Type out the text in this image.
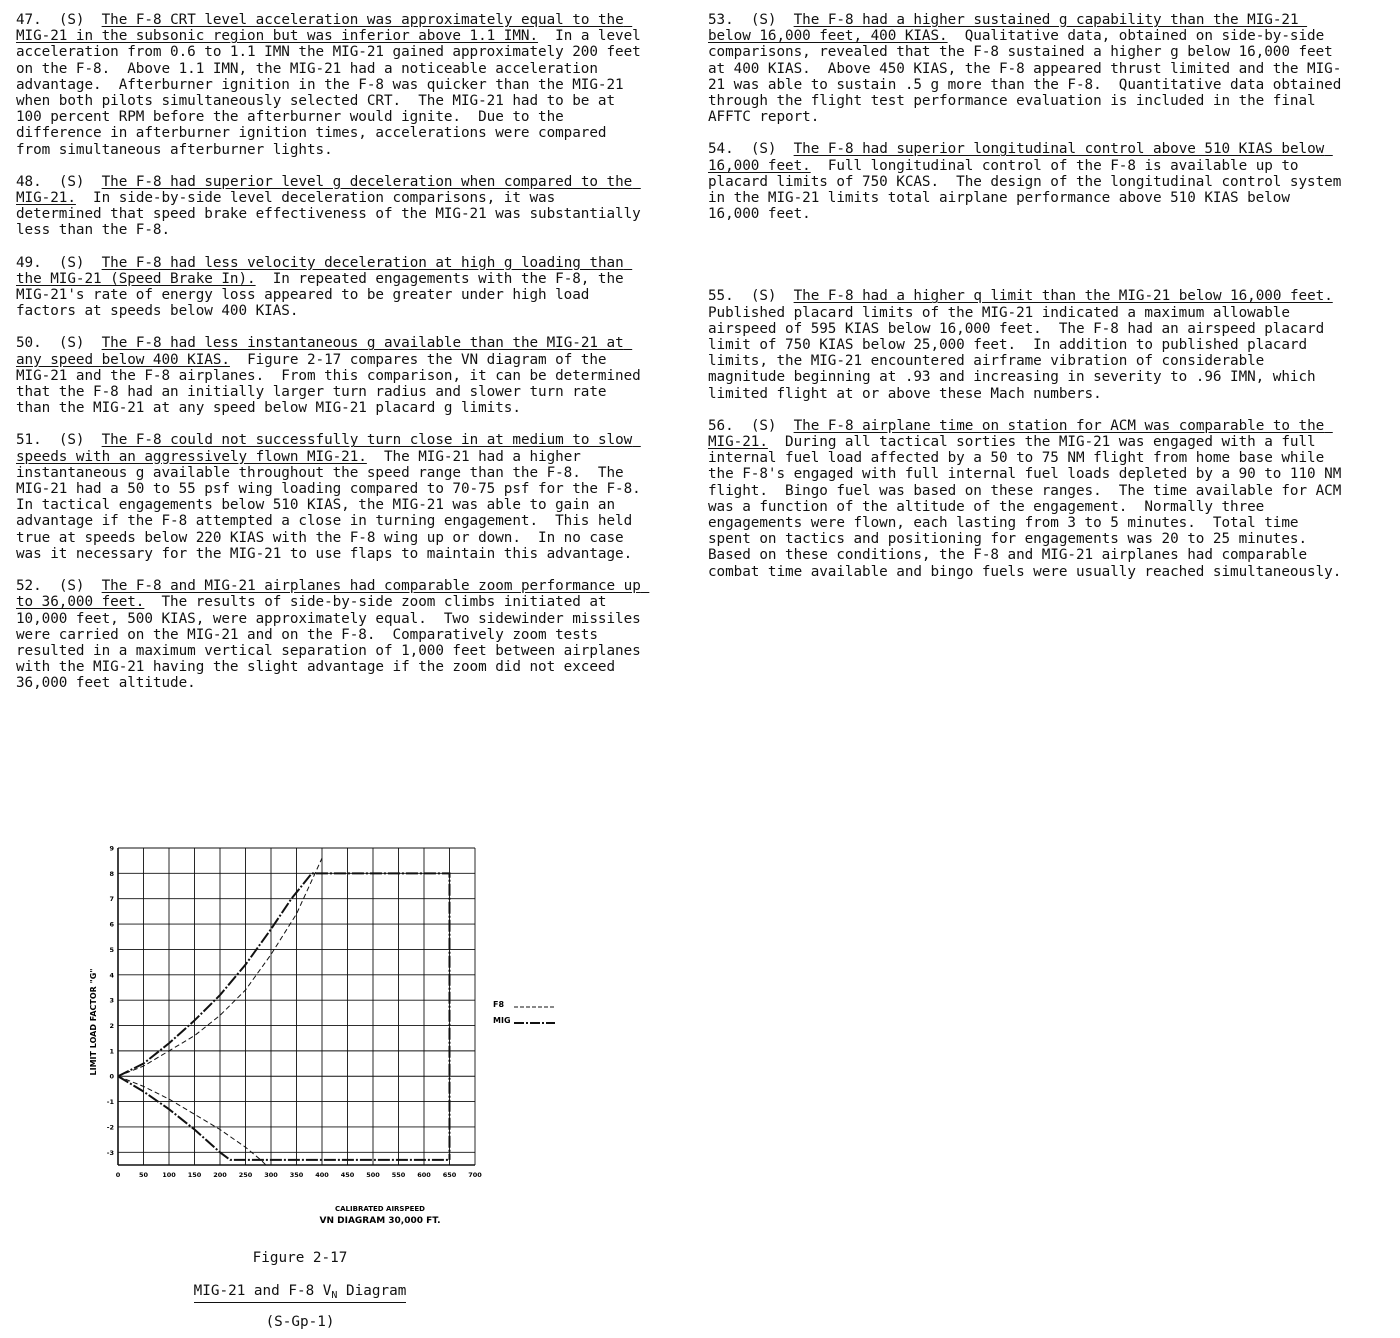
47. (S) The F-8 CRT level acceleration was approximately equal to the MIG-21 in the subsonic region but was inferior above 1.1 IMN. In a level acceleration from 0.6 to 1.1 IMN the MIG-21 gained approximately 200 feet on the F-8.  Above 1.1 IMN, the MIG-21 had a noticeable acceleration advantage.  Afterburner ignition in the F-8 was quicker than the MIG-21 when both pilots simultaneously selected CRT.  The MIG-21 had to be at 100 percent RPM before the afterburner would ignite.  Due to the difference in afterburner ignition times, accelerations were compared from simultaneous afterburner lights.

48. (S) The F-8 had superior level g deceleration when compared to the MIG-21. In side-by-side level deceleration comparisons, it was determined that speed brake effectiveness of the MIG-21 was substantially less than the F-8.

49. (S) The F-8 had less velocity deceleration at high g loading than the MIG-21 (Speed Brake In). In repeated engagements with the F-8, the MIG-21's rate of energy loss appeared to be greater under high load factors at speeds below 400 KIAS.

50. (S) The F-8 had less instantaneous g available than the MIG-21 at any speed below 400 KIAS. Figure 2-17 compares the VN diagram of the MIG-21 and the F-8 airplanes.  From this comparison, it can be determined that the F-8 had an initially larger turn radius and slower turn rate than the MIG-21 at any speed below MIG-21 placard g limits.

51. (S) The F-8 could not successfully turn close in at medium to slow speeds with an aggressively flown MIG-21. The MIG-21 had a higher instantaneous g available throughout the speed range than the F-8.  The MIG-21 had a 50 to 55 psf wing loading compared to 70-75 psf for the F-8.  In tactical engagements below 510 KIAS, the MIG-21 was able to gain an advantage if the F-8 attempted a close in turning engagement.  This held true at speeds below 220 KIAS with the F-8 wing up or down.  In no case was it necessary for the MIG-21 to use flaps to maintain this advantage.

52. (S) The F-8 and MIG-21 airplanes had comparable zoom performance up to 36,000 feet. The results of side-by-side zoom climbs initiated at 10,000 feet, 500 KIAS, were approximately equal.  Two sidewinder missiles were carried on the MIG-21 and on the F-8.  Comparatively zoom tests resulted in a maximum vertical separation of 1,000 feet between airplanes with the MIG-21 having the slight advantage if the zoom did not exceed 36,000 feet altitude.

53. (S) The F-8 had a higher sustained g capability than the MIG-21 below 16,000 feet, 400 KIAS. Qualitative data, obtained on side-by-side comparisons, revealed that the F-8 sustained a higher g below 16,000 feet at 400 KIAS.  Above 450 KIAS, the F-8 appeared thrust limited and the MIG-21 was able to sustain .5 g more than the F-8.  Quantitative data obtained through the flight test performance evaluation is included in the final AFFTC report.

54. (S) The F-8 had superior longitudinal control above 510 KIAS below 16,000 feet. Full longitudinal control of the F-8 is available up to placard limits of 750 KCAS.  The design of the longitudinal control system in the MIG-21 limits total airplane performance above 510 KIAS below 16,000 feet.

55. (S) The F-8 had a higher q limit than the MIG-21 below 16,000 feet.  Published placard limits of the MIG-21 indicated a maximum allowable airspeed of 595 KIAS below 16,000 feet.  The F-8 had an airspeed placard limit of 750 KIAS below 25,000 feet.  In addition to published placard limits, the MIG-21 encountered airframe vibration of considerable magnitude beginning at .93 and increasing in severity to .96 IMN, which limited flight at or above these Mach numbers.

56. (S) The F-8 airplane time on station for ACM was comparable to the MIG-21. During all tactical sorties the MIG-21 was engaged with a full internal fuel load affected by a 50 to 75 NM flight from home base while the F-8's engaged with full internal fuel loads depleted by a 90 to 110 NM flight.  Bingo fuel was based on these ranges.  The time available for ACM was a function of the altitude of the engagement.  Normally three engagements were flown, each lasting from 3 to 5 minutes.  Total time spent on tactics and positioning for engagements was 20 to 25 minutes.  Based on these conditions, the F-8 and MIG-21 airplanes had comparable combat time available and bingo fuels were usually reached simultaneously.

0	50 100 150 200 250 300 350 400 450 500 550 600 650 700
-3
-2
-1
0
1
2
3
4
5
6
7
8
9
CALIBRATED AIRSPEED
VN DIAGRAM 30,000 FT.
LIMIT LOAD FACTOR "G"	F8
MIG
Figure 2-17
MIG-21 and F-8 $V_N$ Diagram
(S-Gp-1)
